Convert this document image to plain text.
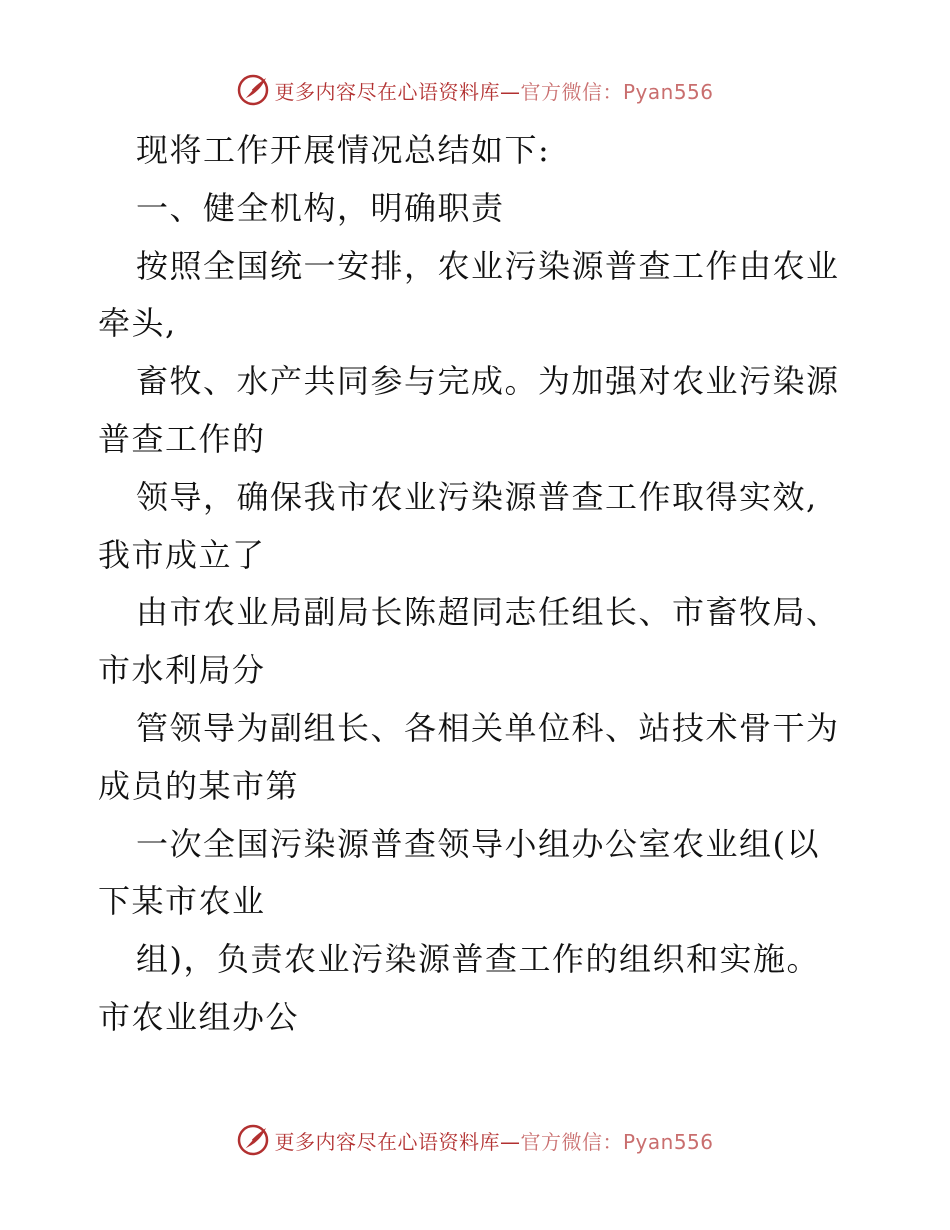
更多内容尽在心语资料库—官方微信：Pyan556
现将工作开展情况总结如下:
一、健全机构，明确职责
按照全国统一安排，农业污染源普查工作由农业
牵头,
畜牧、水产共同参与完成。为加强对农业污染源
普查工作的
领导，确保我市农业污染源普查工作取得实效,
我市成立了
由市农业局副局长陈超同志任组长、市畜牧局、
市水利局分
管领导为副组长、各相关单位科、站技术骨干为
成员的某市第
一次全国污染源普查领导小组办公室农业组(以
下某市农业
组)，负责农业污染源普查工作的组织和实施。
市农业组办公
更多内容尽在心语资料库—官方微信：Pyan556
